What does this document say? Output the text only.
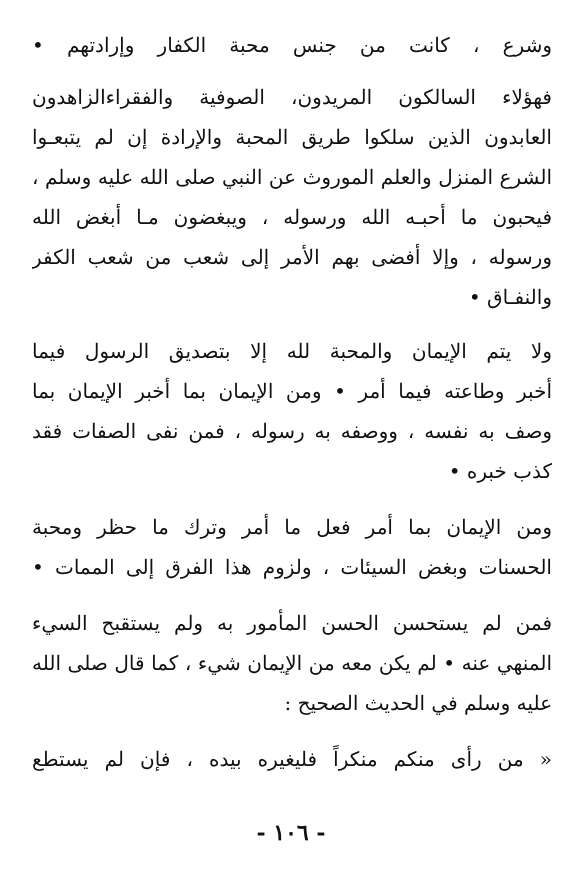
وشرع ، كانت من جنس محبة الكفار وإرادتهم •
فهؤلاء السالكون المريدون، الصوفية والفقراءالزاهدون
العابدون الذين سلكوا طريق المحبة والإرادة إن لم يتبعـوا
الشرع المنزل والعلم الموروث عن النبي صلى الله عليه وسلم ،
فيحبون ما أحبـه الله ورسوله ، ويبغضون مـا أبغض الله
ورسوله ، وإلا أفضى بهم الأمر إلى شعب من شعب الكفر
والنفـاق •
ولا يتم الإيمان والمحبة لله إلا بتصديق الرسول فيما
أخبر وطاعته فيما أمر • ومن الإيمان بما أخبر الإيمان بما
وصف به نفسه ، ووصفه به رسوله ، فمن نفى الصفات فقد
كذب خبره •
ومن الإيمان بما أمر فعل ما أمر وترك ما حظر ومحبة
الحسنات وبغض السيئات ، ولزوم هذا الفرق إلى الممات •
فمن لم يستحسن الحسن المأمور به ولم يستقبح السيء
المنهي عنه • لم يكن معه من الإيمان شيء ، كما قال صلى الله
عليه وسلم في الحديث الصحيح :
« من رأى منكم منكراً فليغيره بيده ، فإن لم يستطع
- ١٠٦ -
